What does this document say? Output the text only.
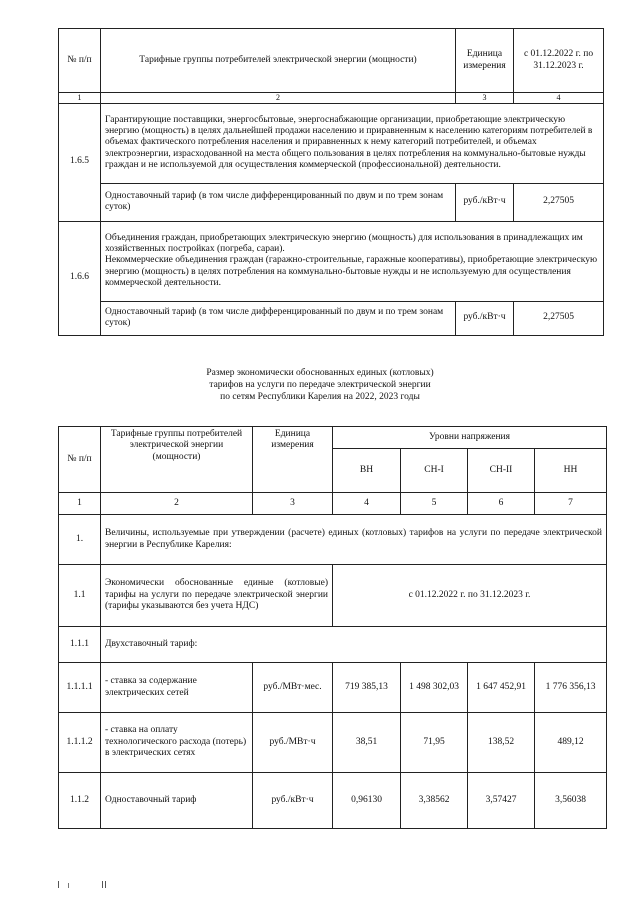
№ п/п	Тарифные группы потребителей электрической энергии (мощности)	Единица измерения	с 01.12.2022 г. по 31.12.2023 г.
1	2	3	4
1.6.5	Гарантирующие поставщики, энергосбытовые, энергоснабжающие организации, приобретающие электрическую энергию (мощность) в целях дальнейшей продажи населению и приравненным к населению категориям потребителей в объемах фактического потребления населения и приравненных к нему категорий потребителей, и объемах электроэнергии, израсходованной на места общего пользования в целях потребления на коммунально-бытовые нужды граждан и не используемой для осуществления коммерческой (профессиональной) деятельности.		
	Одноставочный тариф (в том числе дифференцированный по двум и по трем зонам суток)	руб./кВт·ч	2,27505
1.6.6	Объединения граждан, приобретающих электрическую энергию (мощность) для использования в принадлежащих им хозяйственных постройках (погреба, сараи).
Некоммерческие объединения граждан (гаражно-строительные, гаражные кооперативы), приобретающие электрическую энергию (мощность) в целях потребления на коммунально-бытовые нужды и не используемую для осуществления коммерческой деятельности.		
	Одноставочный тариф (в том числе дифференцированный по двум и по трем зонам суток)	руб./кВт·ч	2,27505
Размер экономически обоснованных единых (котловых)
тарифов на услуги по передаче электрической энергии
по сетям Республики Карелия на 2022, 2023 годы
№ п/п	Тарифные группы потребителей электрической энергии (мощности)	Единица измерения	Уровни напряжения			
			ВН	СН-I	СН-II	НН
1	2	3	4	5	6	7
1.	Величины, используемые при утверждении (расчете) единых (котловых) тарифов на услуги по передаче электрической энергии в Республике Карелия:					
1.1	Экономически обоснованные единые (котловые) тарифы на услуги по передаче электрической энергии (тарифы указываются без учета НДС)		с 01.12.2022 г. по 31.12.2023 г.			
1.1.1	Двухставочный тариф:					
1.1.1.1	- ставка за содержание электрических сетей	руб./МВт·мес.	719 385,13	1 498 302,03	1 647 452,91	1 776 356,13
1.1.1.2	- ставка на оплату технологического расхода (потерь) в электрических сетях	руб./МВт·ч	38,51	71,95	138,52	489,12
1.1.2	Одноставочный тариф	руб./кВт·ч	0,96130	3,38562	3,57427	3,56038
